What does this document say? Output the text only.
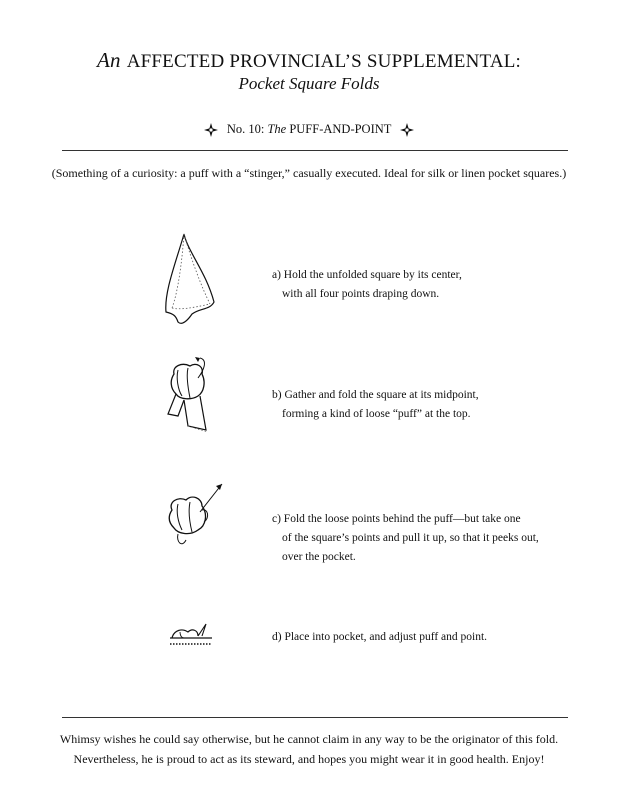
An AFFECTED PROVINCIAL’S SUPPLEMENTAL:
Pocket Square Folds
No. 10: The PUFF-AND-POINT
(Something of a curiosity: a puff with a “stinger,” casually executed. Ideal for silk or linen pocket squares.)
a) Hold the unfolded square by its center,
with all four points draping down.
b) Gather and fold the square at its midpoint,
forming a kind of loose “puff” at the top.
c) Fold the loose points behind the puff—but take one
of the square’s points and pull it up, so that it peeks out,
over the pocket.
d) Place into pocket, and adjust puff and point.
Whimsy wishes he could say otherwise, but he cannot claim in any way to be the originator of this fold.
Nevertheless, he is proud to act as its steward, and hopes you might wear it in good health. Enjoy!
